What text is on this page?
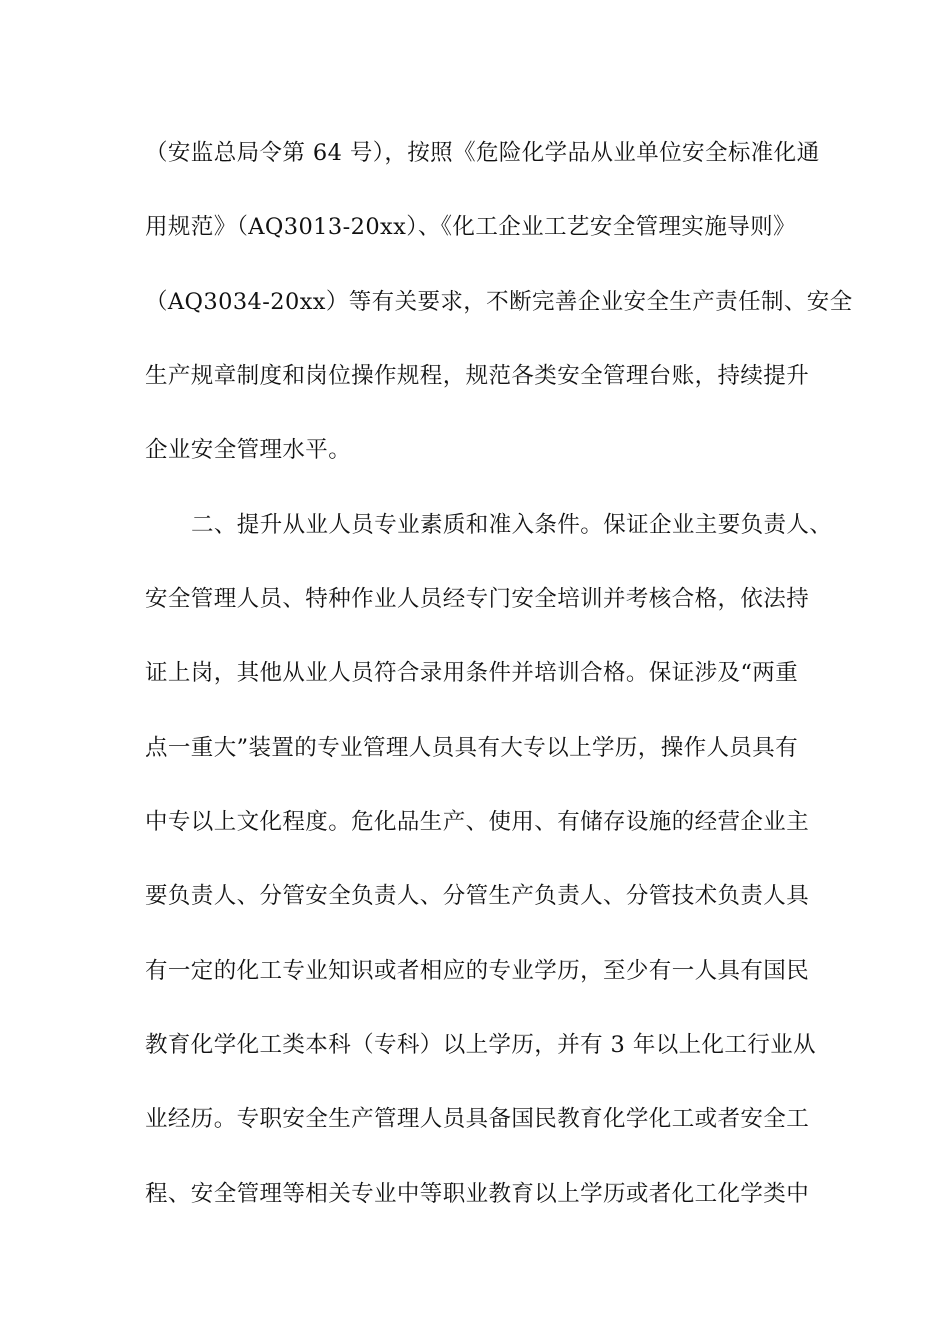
（安监总局令第 64 号），按照《危险化学品从业单位安全标准化通
用规范》（AQ3013-20xx）、《化工企业工艺安全管理实施导则》
（AQ3034-20xx）等有关要求，不断完善企业安全生产责任制、安全
生产规章制度和岗位操作规程，规范各类安全管理台账，持续提升
企业安全管理水平。
二、提升从业人员专业素质和准入条件。保证企业主要负责人、
安全管理人员、特种作业人员经专门安全培训并考核合格，依法持
证上岗，其他从业人员符合录用条件并培训合格。保证涉及“两重
点一重大”装置的专业管理人员具有大专以上学历，操作人员具有
中专以上文化程度。危化品生产、使用、有储存设施的经营企业主
要负责人、分管安全负责人、分管生产负责人、分管技术负责人具
有一定的化工专业知识或者相应的专业学历，至少有一人具有国民
教育化学化工类本科（专科）以上学历，并有 3 年以上化工行业从
业经历。专职安全生产管理人员具备国民教育化学化工或者安全工
程、安全管理等相关专业中等职业教育以上学历或者化工化学类中
